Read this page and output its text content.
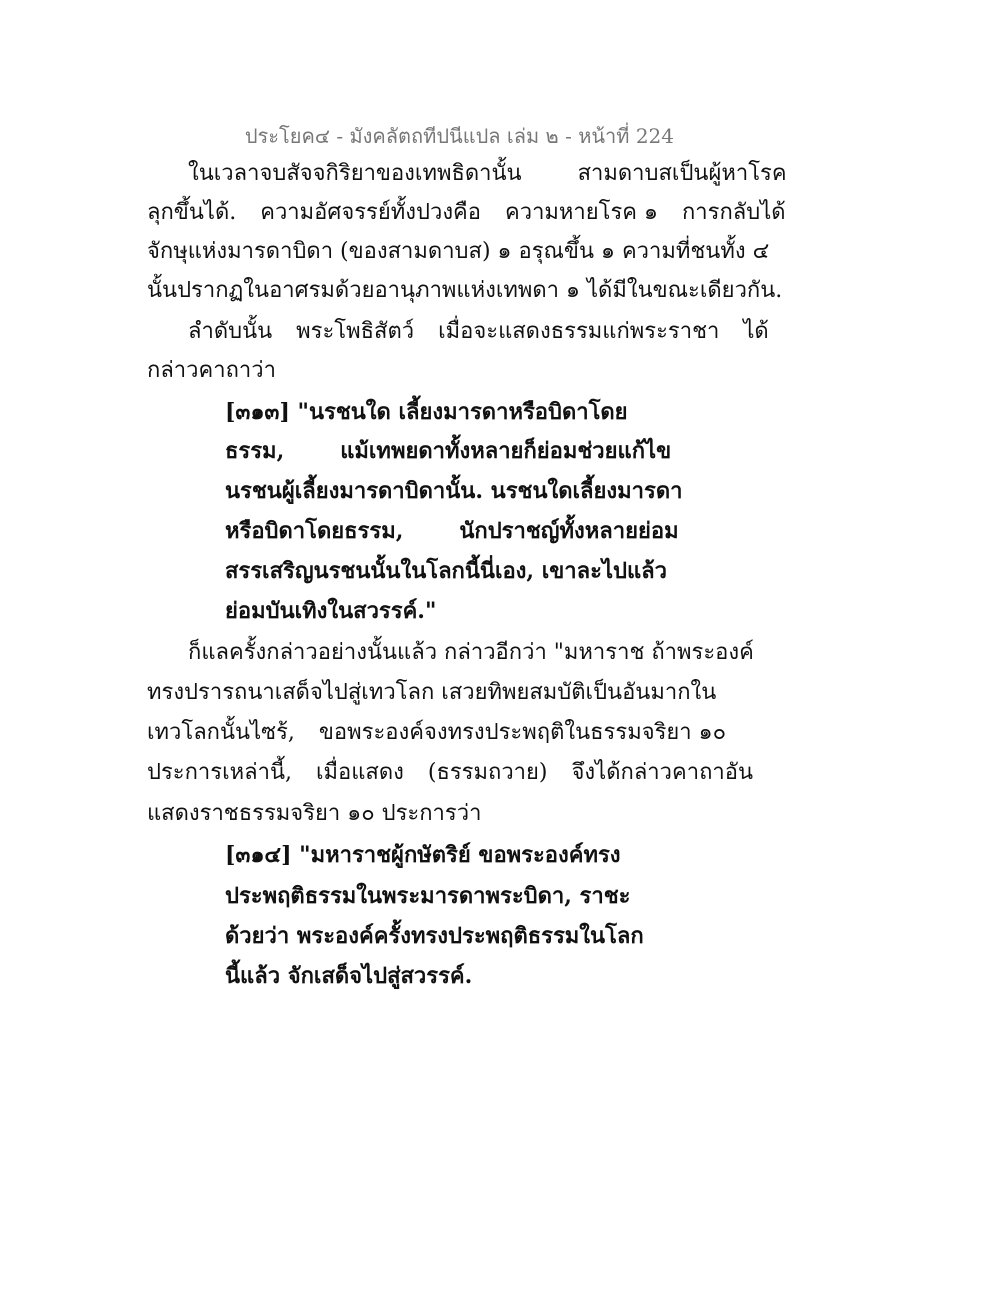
ประโยค๔ - มังคลัตถทีปนีแปล เล่ม ๒ - หน้าที่ 224
ในเวลาจบสัจจกิริยาของเทพธิดานั้น	สามดาบสเป็นผู้หาโรค
ลุกขึ้นได้. ความอัศจรรย์ทั้งปวงคือ ความหายโรค ๑ การกลับได้
จักษุแห่งมารดาบิดา (ของสามดาบส) ๑ อรุณขึ้น ๑ ความที่ชนทั้ง ๔
นั้นปรากฏในอาศรมด้วยอานุภาพแห่งเทพดา ๑ ได้มีในขณะเดียวกัน.
ลำดับนั้น พระโพธิสัตว์ เมื่อจะแสดงธรรมแก่พระราชา ได้
กล่าวคาถาว่า
[๓๑๓] "นรชนใด เลี้ยงมารดาหรือบิดาโดย
ธรรม,	แม้เทพยดาทั้งหลายก็ย่อมช่วยแก้ไข
นรชนผู้เลี้ยงมารดาบิดานั้น. นรชนใดเลี้ยงมารดา
หรือบิดาโดยธรรม,	นักปราชญ์ทั้งหลายย่อม
สรรเสริญนรชนนั้นในโลกนี้นี่เอง, เขาละไปแล้ว
ย่อมบันเทิงในสวรรค์."
ก็แลครั้งกล่าวอย่างนั้นแล้ว กล่าวอีกว่า "มหาราช ถ้าพระองค์
ทรงปรารถนาเสด็จไปสู่เทวโลก เสวยทิพยสมบัติเป็นอันมากใน
เทวโลกนั้นไซร้, ขอพระองค์จงทรงประพฤติในธรรมจริยา ๑๐
ประการเหล่านี้, เมื่อแสดง (ธรรมถวาย) จึงได้กล่าวคาถาอัน
แสดงราชธรรมจริยา ๑๐ ประการว่า
[๓๑๔] "มหาราชผู้กษัตริย์ ขอพระองค์ทรง
ประพฤติธรรมในพระมารดาพระบิดา, ราชะ
ด้วยว่า พระองค์ครั้งทรงประพฤติธรรมในโลก
นี้แล้ว จักเสด็จไปสู่สวรรค์.
